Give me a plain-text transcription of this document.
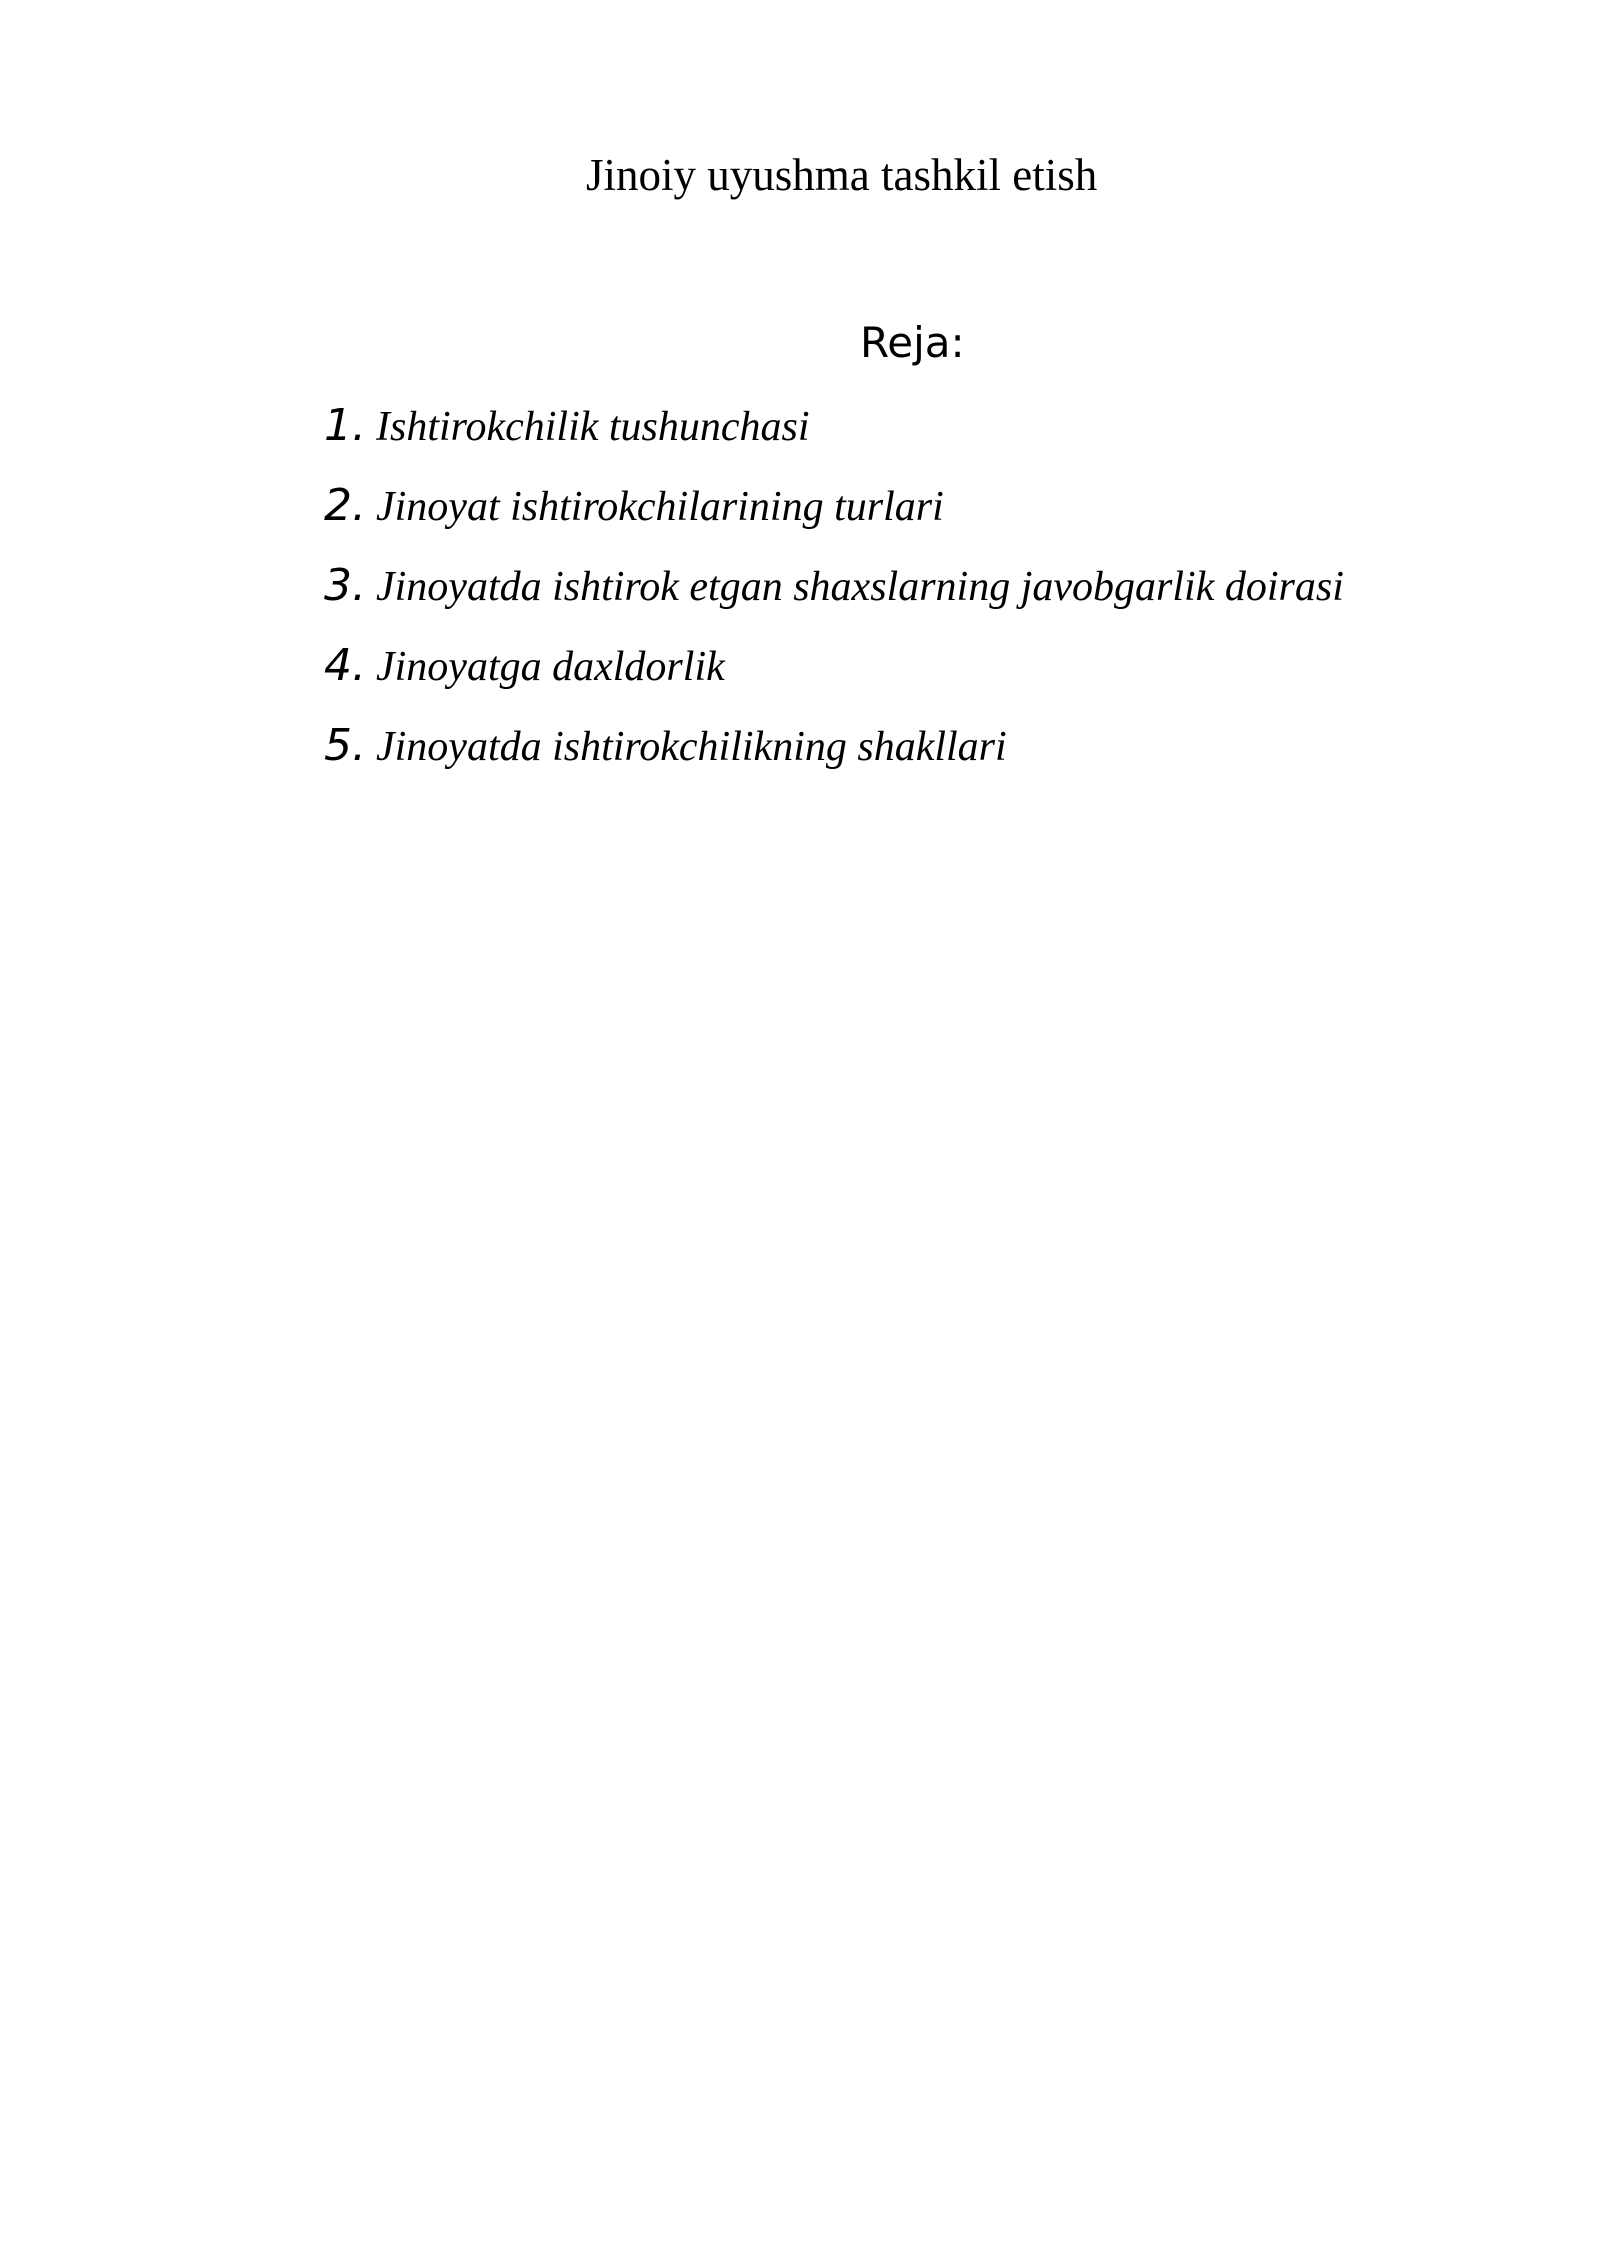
Jinoiy uyushma tashkil etish
Reja:
1. Ishtirokchilik tushunchasi
2. Jinoyat ishtirokchilarining turlari
3. Jinoyatda ishtirok etgan shaxslarning javobgarlik doirasi
4. Jinoyatga daxldorlik
5. Jinoyatda ishtirokchilikning shakllari
